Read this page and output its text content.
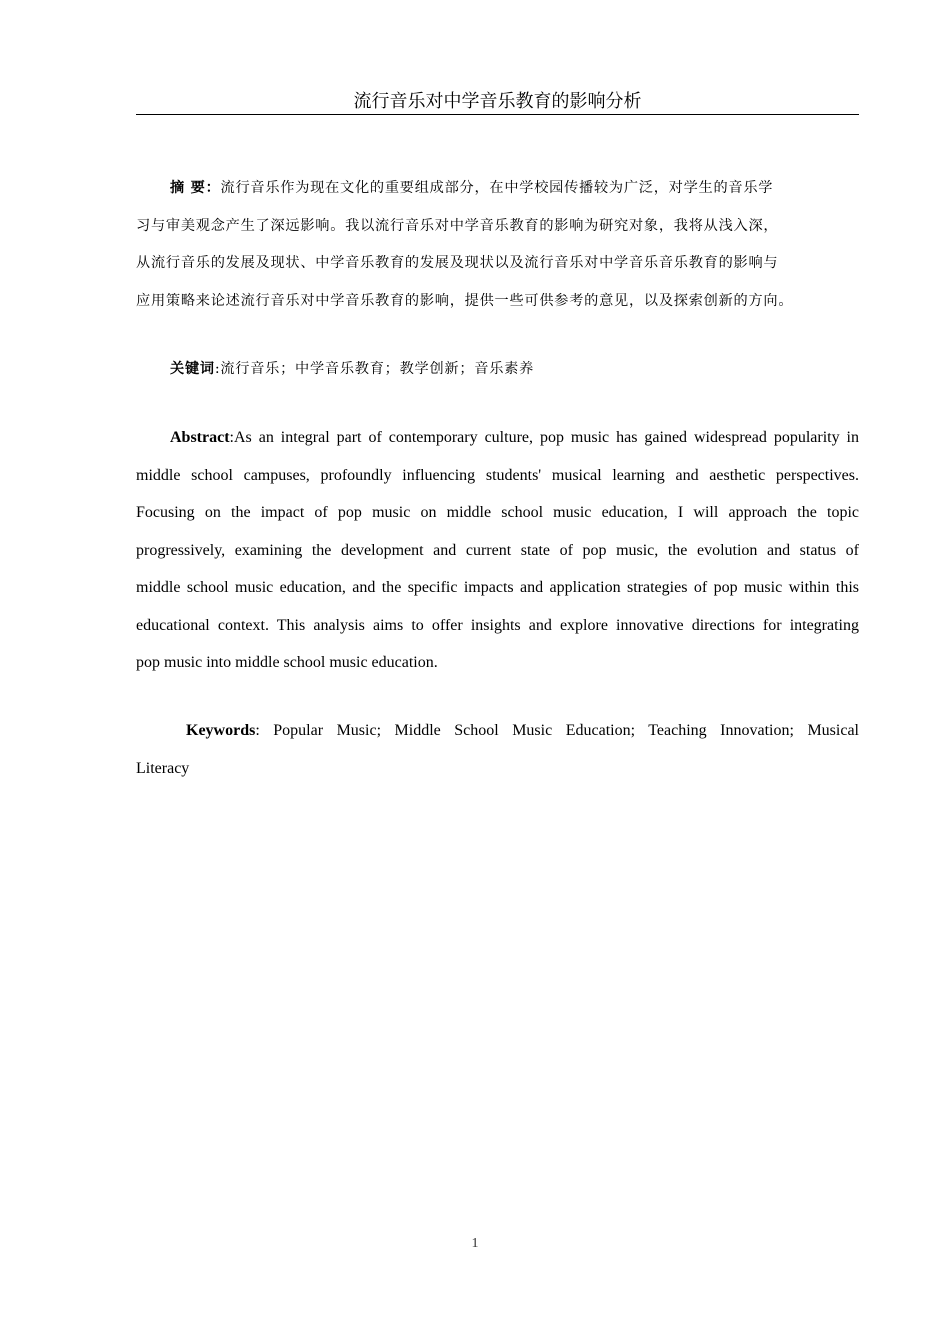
流行音乐对中学音乐教育的影响分析
摘 要：流行音乐作为现在文化的重要组成部分，在中学校园传播较为广泛，对学生的音乐学
习与审美观念产生了深远影响。我以流行音乐对中学音乐教育的影响为研究对象，我将从浅入深，
从流行音乐的发展及现状、中学音乐教育的发展及现状以及流行音乐对中学音乐音乐教育的影响与
应用策略来论述流行音乐对中学音乐教育的影响，提供一些可供参考的意见，以及探索创新的方向。
关键词:流行音乐；中学音乐教育；教学创新；音乐素养
Abstract:As an integral part of contemporary culture, pop music has gained widespread popularity in
middle school campuses, profoundly influencing students' musical learning and aesthetic perspectives.
Focusing on the impact of pop music on middle school music education, I will approach the topic
progressively, examining the development and current state of pop music, the evolution and status of
middle school music education, and the specific impacts and application strategies of pop music within this
educational context. This analysis aims to offer insights and explore innovative directions for integrating
pop music into middle school music education.
Keywords: Popular Music; Middle School Music Education; Teaching Innovation; Musical
Literacy
1
